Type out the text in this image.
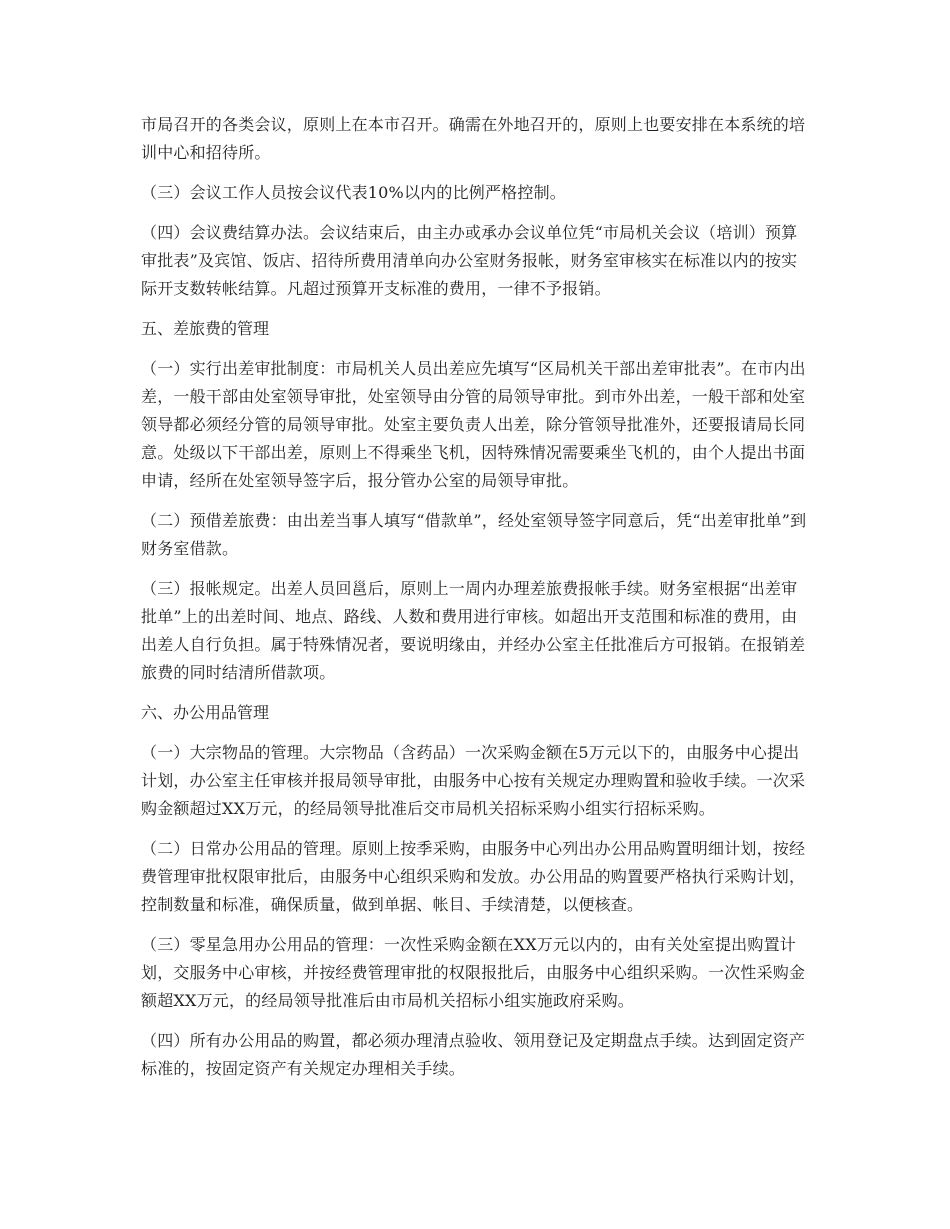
市局召开的各类会议，原则上在本市召开。确需在外地召开的，原则上也要安排在本系统的培训中心和招待所。

（三）会议工作人员按会议代表10%以内的比例严格控制。

（四）会议费结算办法。会议结束后，由主办或承办会议单位凭“市局机关会议（培训）预算审批表”及宾馆、饭店、招待所费用清单向办公室财务报帐，财务室审核实在标准以内的按实际开支数转帐结算。凡超过预算开支标准的费用，一律不予报销。

五、差旅费的管理

（一）实行出差审批制度：市局机关人员出差应先填写“区局机关干部出差审批表”。在市内出差，一般干部由处室领导审批，处室领导由分管的局领导审批。到市外出差，一般干部和处室领导都必须经分管的局领导审批。处室主要负责人出差，除分管领导批准外，还要报请局长同意。处级以下干部出差，原则上不得乘坐飞机，因特殊情况需要乘坐飞机的，由个人提出书面申请，经所在处室领导签字后，报分管办公室的局领导审批。

（二）预借差旅费：由出差当事人填写“借款单”，经处室领导签字同意后，凭“出差审批单”到财务室借款。

（三）报帐规定。出差人员回邕后，原则上一周内办理差旅费报帐手续。财务室根据“出差审批单”上的出差时间、地点、路线、人数和费用进行审核。如超出开支范围和标准的费用，由出差人自行负担。属于特殊情况者，要说明缘由，并经办公室主任批准后方可报销。在报销差旅费的同时结清所借款项。

六、办公用品管理

（一）大宗物品的管理。大宗物品（含药品）一次采购金额在5万元以下的，由服务中心提出计划，办公室主任审核并报局领导审批，由服务中心按有关规定办理购置和验收手续。一次采购金额超过XX万元，的经局领导批准后交市局机关招标采购小组实行招标采购。

（二）日常办公用品的管理。原则上按季采购，由服务中心列出办公用品购置明细计划，按经费管理审批权限审批后，由服务中心组织采购和发放。办公用品的购置要严格执行采购计划，控制数量和标准，确保质量，做到单据、帐目、手续清楚，以便核查。

（三）零星急用办公用品的管理：一次性采购金额在XX万元以内的，由有关处室提出购置计划，交服务中心审核，并按经费管理审批的权限报批后，由服务中心组织采购。一次性采购金额超XX万元，的经局领导批准后由市局机关招标小组实施政府采购。

（四）所有办公用品的购置，都必须办理清点验收、领用登记及定期盘点手续。达到固定资产标准的，按固定资产有关规定办理相关手续。
